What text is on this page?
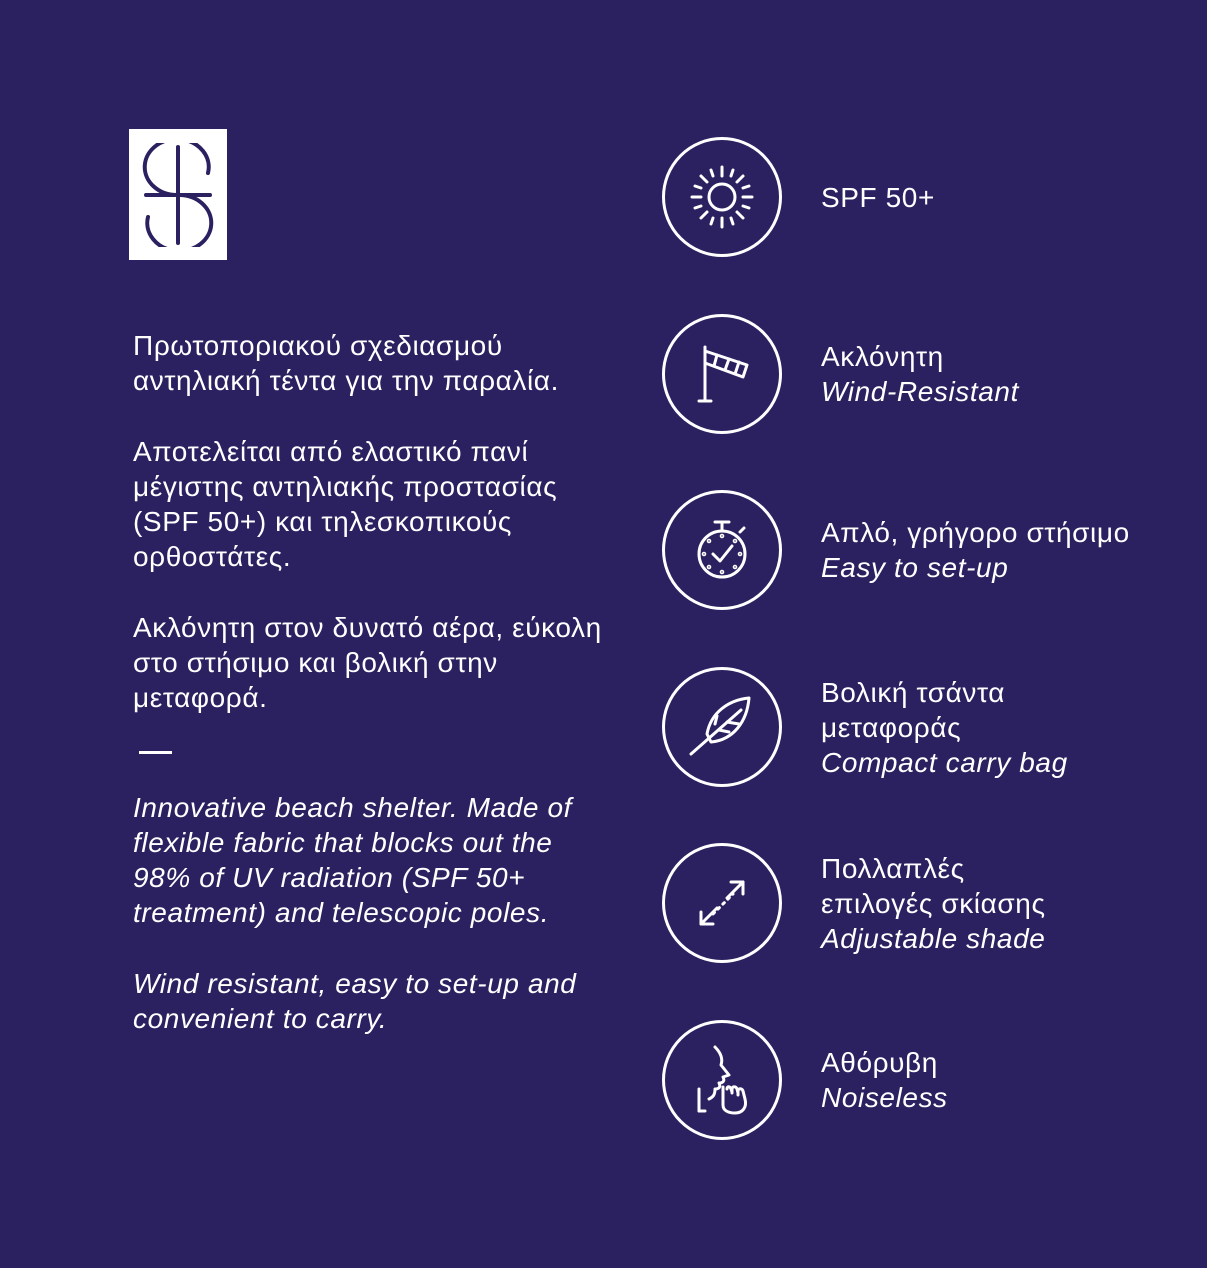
Πρωτοποριακού σχεδιασμού αντηλιακή τέντα για την παραλία.

Αποτελείται από ελαστικό πανί μέγιστης αντηλιακής προστασίας (SPF 50+) και τηλεσκοπικούς ορθοστάτες.

Ακλόνητη στον δυνατό αέρα, εύκολη στο στήσιμο και βολική στην μεταφορά.

Innovative beach shelter. Made of flexible fabric that blocks out the 98% of UV radiation (SPF 50+ treatment) and telescopic poles.

Wind resistant, easy to set-up and convenient to carry.

SPF 50+
Ακλόνητη
Wind-Resistant
Απλό, γρήγορο στήσιμο
Easy to set-up
Βολική τσάντα μεταφοράς
Compact carry bag
Πολλαπλές επιλογές σκίασης
Adjustable shade
Αθόρυβη
Noiseless
